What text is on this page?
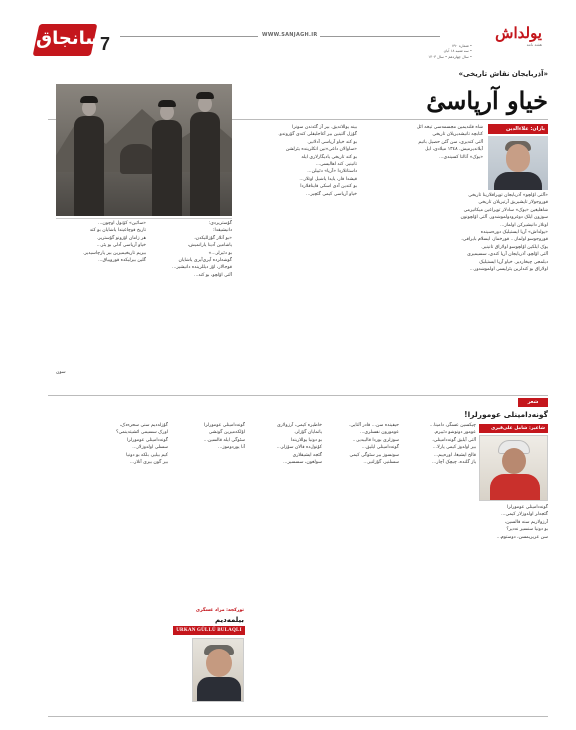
سانجاق
7	WWW.SANJAGH.IR
• شماره ۷۹۰
• سه شنبه ۱۸ آبان
• سال چهاردهم • سال ۱۴۰۳
یولداش
هفته نامه
«آذربایجان نقاش تاریخی»
خیاو آرپاسیٔ
یازان: علاءالدین
شاه قلندیمین مجسمه‌سی تیخه ائل
کتابچه تانیشدیریلان تاریخی
آلتی کندیری، سن گئن حصیل باتیم
آیلاندیرمیش. ١٣٤٨ میلادی، ایل
«یوک» آتالتا کسیندی...
«آلتی اؤلچو» آذربایجان توپراقلارینا تاریخی
قوروجولار تاپشیریق آرتیریلان تاریخی
شاهلیغین «یوک» سادلار توپراغین میکانیزمی
سوزون ایلک دوغرودولموشدور. آلتی اؤلچونون
اونلار دانیشیرکن اولماز...
«یولداش» آرپا ایستیلیک دوره‌سینده
قوروجوسو اولماز... قورخماز، ایسلام بایراقی،
یوک ایلکین اؤلچوسو اولاراق تانینیر.
آلتی اؤلچو، آذربایجان آرپا کندی، سسیمیزی
دیلمجی چیخاردیر. خیاو آرپا ایستیلیک
اولاراق بو کندلرین یئرلیسی اولموشدور...
بینه یوللاندیق. بیر آز گئدندن سونرا
گؤزل آلتینین بیر آغاجلیقلی کندی گؤروندو.
بو کند خیاو آرپاسی آدلانیر.
«ساوالان داغی»نین اتکلرینده یئرلشن
بو کند تاریخی یادیگارلاری ایله
تانینیر. کند اهالیسی...
داستانلاردا «آرپا» دئییلن...
قیشدا قار، یایدا یاشیل اوتلار...
بو کندین آدی اسکی قایناقلاردا
خیاو آرپاسی کیمی گئچیر...
گؤستریردی:
دانیشیقدا:
«بو آتلار گؤزللیکدن،
یاشامین آدینا یارانمیش،
بو دئیرلر...»
گوشه‌لرده آیری‌آیری یاشایان
قوجا‌لار، اؤز دیللرینده دانیشیر...
آلتی اؤلچو، بو کند...
«سائین» کؤنول اوچون...
تاریخ قوچاغیندا یاشایان بو کند
هر زامان اؤزونو گؤستریر.
خیاو آرپاسی آدلی بو یئر...
بیزیم تاریخیمیزین بیر پارچاسیدیر.
گلین بیرلیکده قوروییاق...
سون
شعر
گونه‌دامینلی عومورلرا!
شاعیر: شامل علی‌قیزی
گونه‌دامینلی عومورلرا
گئجه‌لر اولدوزلار کیمی...
آرزولاریم سنه قالسین،
بو دونیا سنسیز نه‌دیر؟
سن عزیزیمسن، دوستوم...
چیکسین عسگر، دامینا...
عومور دونوشو دئییرم.
آلتی آیلیق گونه‌دامینلی،
بیر اولدوز کیمی پارلا...
قالخ ایشیغا، اوره‌ییم...
یاز گلنده، چیچک آچار...
حیفینده سن... قادر آلتایی.
عومورون نفسلری...
سوزلری بوردا قالیبدیر...
گونه‌دامینلی ایلیق...
سونسوز بیر سئوگی کیمی
سسلنیر، گؤزلنیر...
خاطیره کیمی، آرزولاری
یاتمایان گؤزلر،
بو دونیا یوللاریندا
کؤنول‌ده قالان سؤزلر...
گئجه ایشیقلاری
سولغون، سسسیز...
گونه‌دامینلی عومورلرا
اؤلکه‌میزین گونشی
سئوگی ایله قالسین...
آنا یوردوموز...
گؤزله‌دیم سنی سحره‌دک،
اورک سسیمی ائشیتدینمی؟
گونه‌دامینلی عومورلرا
سسلی اولدوزلار...
کیم بیلیر، بلکه بو دونیا
بیر گون بیزی آنلار...
تورکجه: مراد عسگری
بیلمه‌دیم
URKAN GÜLLÜ BULAQLI
